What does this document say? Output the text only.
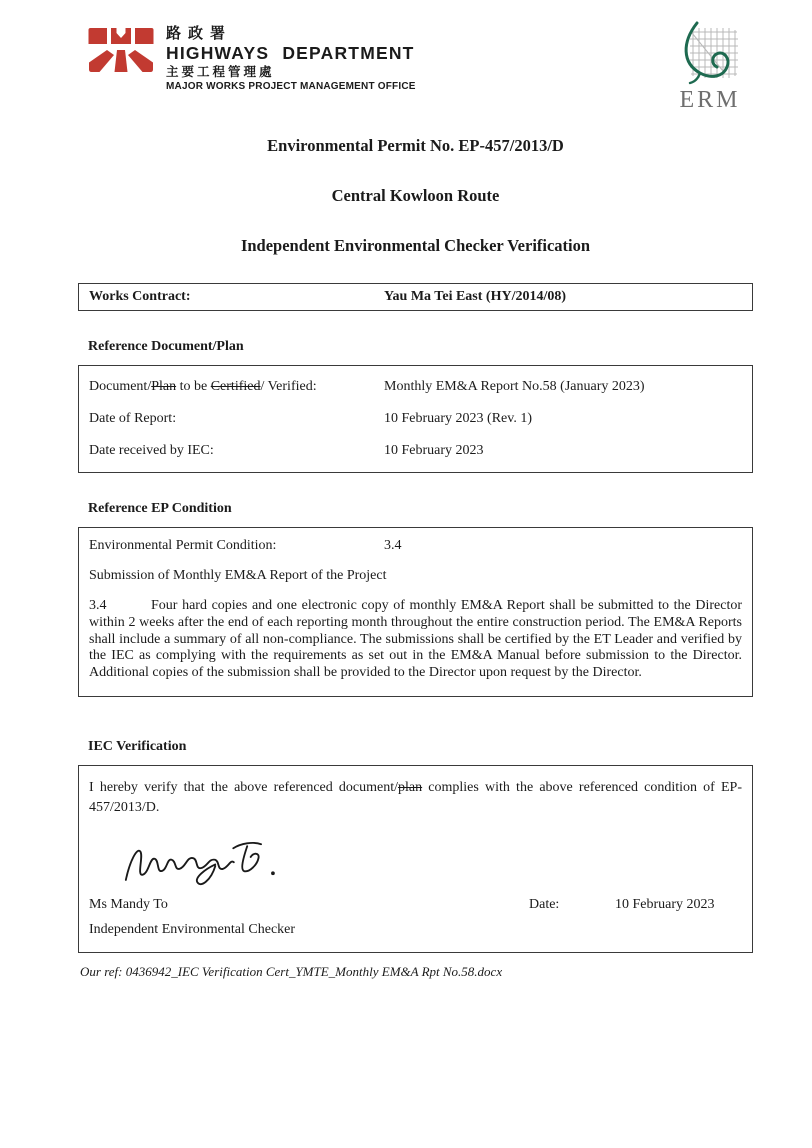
路政署
HIGHWAYS DEPARTMENT
主要工程管理處
MAJOR WORKS PROJECT MANAGEMENT OFFICE
ERM
Environmental Permit No. EP-457/2013/D
Central Kowloon Route
Independent Environmental Checker Verification
Works Contract:	Yau Ma Tei East (HY/2014/08)
Reference Document/Plan
Document/Plan to be Certified/ Verified:	Monthly EM&A Report No.58 (January 2023)
Date of Report:	10 February 2023 (Rev. 1)
Date received by IEC:	10 February 2023
Reference EP Condition
Environmental Permit Condition:	3.4
Submission of Monthly EM&A Report of the Project

3.4	Four hard copies and one electronic copy of monthly EM&A Report shall be submitted to the Director within 2 weeks after the end of each reporting month throughout the entire construction period. The EM&A Reports shall include a summary of all non-compliance. The submissions shall be certified by the ET Leader and verified by the IEC as complying with the requirements as set out in the EM&A Manual before submission to the Director. Additional copies of the submission shall be provided to the Director upon request by the Director.

IEC Verification
I hereby verify that the above referenced document/plan complies with the above referenced condition of EP-457/2013/D.
Ms Mandy To	Date:	10 February 2023
Independent Environmental Checker
Our ref: 0436942_IEC Verification Cert_YMTE_Monthly EM&A Rpt No.58.docx
